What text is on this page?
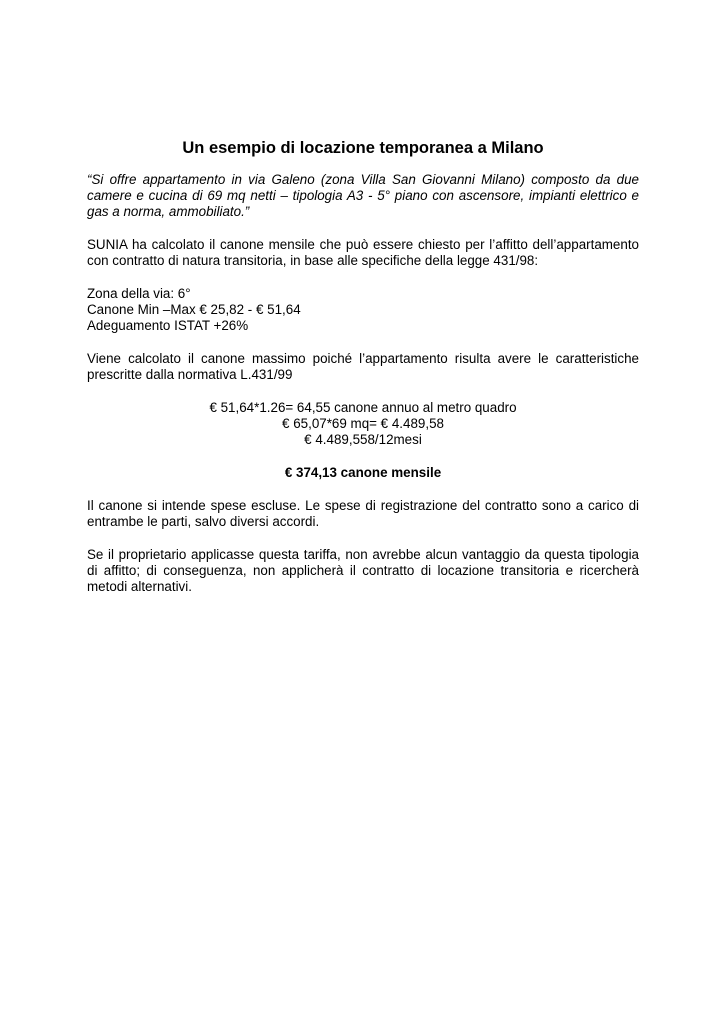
Un esempio di locazione temporanea a Milano

“Si offre appartamento in via Galeno (zona Villa San Giovanni Milano) composto da due camere e cucina di 69 mq netti – tipologia A3 - 5° piano con ascensore, impianti elettrico e gas a norma, ammobiliato.”

SUNIA ha calcolato il canone mensile che può essere chiesto per l’affitto dell’appartamento con contratto di natura transitoria, in base alle specifiche della legge 431/98:

Zona della via: 6°
Canone Min –Max € 25,82 - € 51,64
Adeguamento ISTAT +26%

Viene calcolato il canone massimo poiché l’appartamento risulta avere le caratteristiche prescritte dalla normativa L.431/99

€ 51,64*1.26= 64,55 canone annuo al metro quadro
€ 65,07*69 mq= € 4.489,58
€ 4.489,558/12mesi

€ 374,13 canone mensile

Il canone si intende spese escluse. Le spese di registrazione del contratto sono a carico di entrambe le parti, salvo diversi accordi.

Se il proprietario applicasse questa tariffa, non avrebbe alcun vantaggio da questa tipologia di affitto; di conseguenza, non applicherà il contratto di locazione transitoria e ricercherà metodi alternativi.
